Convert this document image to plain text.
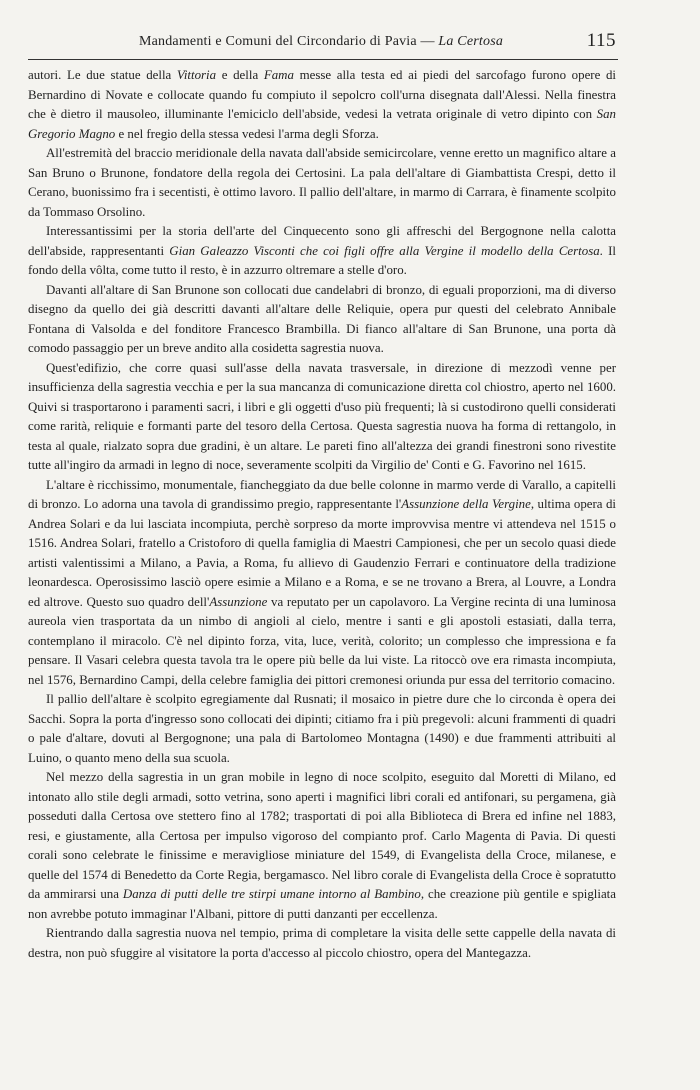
Mandamenti e Comuni del Circondario di Pavia — La Certosa	115

autori. Le due statue della Vittoria e della Fama messe alla testa ed ai piedi del sarcofago furono opere di Bernardino di Novate e collocate quando fu compiuto il sepolcro coll'urna disegnata dall'Alessi. Nella finestra che è dietro il mausoleo, illuminante l'emiciclo dell'abside, vedesi la vetrata originale di vetro dipinto con San Gregorio Magno e nel fregio della stessa vedesi l'arma degli Sforza.

All'estremità del braccio meridionale della navata dall'abside semicircolare, venne eretto un magnifico altare a San Bruno o Brunone, fondatore della regola dei Certosini. La pala dell'altare di Giambattista Crespi, detto il Cerano, buonissimo fra i secentisti, è ottimo lavoro. Il pallio dell'altare, in marmo di Carrara, è finamente scolpito da Tommaso Orsolino.

Interessantissimi per la storia dell'arte del Cinquecento sono gli affreschi del Bergognone nella calotta dell'abside, rappresentanti Gian Galeazzo Visconti che coi figli offre alla Vergine il modello della Certosa. Il fondo della vôlta, come tutto il resto, è in azzurro oltremare a stelle d'oro.

Davanti all'altare di San Brunone son collocati due candelabri di bronzo, di eguali proporzioni, ma di diverso disegno da quello dei già descritti davanti all'altare delle Reliquie, opera pur questi del celebrato Annibale Fontana di Valsolda e del fonditore Francesco Brambilla. Di fianco all'altare di San Brunone, una porta dà comodo passaggio per un breve andito alla cosidetta sagrestia nuova.

Quest'edifizio, che corre quasi sull'asse della navata trasversale, in direzione di mezzodì venne per insufficienza della sagrestia vecchia e per la sua mancanza di comunicazione diretta col chiostro, aperto nel 1600. Quivi si trasportarono i paramenti sacri, i libri e gli oggetti d'uso più frequenti; là si custodirono quelli considerati come rarità, reliquie e formanti parte del tesoro della Certosa. Questa sagrestia nuova ha forma di rettangolo, in testa al quale, rialzato sopra due gradini, è un altare. Le pareti fino all'altezza dei grandi finestroni sono rivestite tutte all'ingiro da armadi in legno di noce, severamente scolpiti da Virgilio de' Conti e G. Favorino nel 1615.

L'altare è ricchissimo, monumentale, fiancheggiato da due belle colonne in marmo verde di Varallo, a capitelli di bronzo. Lo adorna una tavola di grandissimo pregio, rappresentante l'Assunzione della Vergine, ultima opera di Andrea Solari e da lui lasciata incompiuta, perchè sorpreso da morte improvvisa mentre vi attendeva nel 1515 o 1516. Andrea Solari, fratello a Cristoforo di quella famiglia di Maestri Campionesi, che per un secolo quasi diede artisti valentissimi a Milano, a Pavia, a Roma, fu allievo di Gaudenzio Ferrari e continuatore della tradizione leonardesca. Operosissimo lasciò opere esimie a Milano e a Roma, e se ne trovano a Brera, al Louvre, a Londra ed altrove. Questo suo quadro dell'Assunzione va reputato per un capolavoro. La Vergine recinta di una luminosa aureola vien trasportata da un nimbo di angioli al cielo, mentre i santi e gli apostoli estasiati, dalla terra, contemplano il miracolo. C'è nel dipinto forza, vita, luce, verità, colorito; un complesso che impressiona e fa pensare. Il Vasari celebra questa tavola tra le opere più belle da lui viste. La ritoccò ove era rimasta incompiuta, nel 1576, Bernardino Campi, della celebre famiglia dei pittori cremonesi oriunda pur essa del territorio comacino.

Il pallio dell'altare è scolpito egregiamente dal Rusnati; il mosaico in pietre dure che lo circonda è opera dei Sacchi. Sopra la porta d'ingresso sono collocati dei dipinti; citiamo fra i più pregevoli: alcuni frammenti di quadri o pale d'altare, dovuti al Bergognone; una pala di Bartolomeo Montagna (1490) e due frammenti attribuiti al Luino, o quanto meno della sua scuola.

Nel mezzo della sagrestia in un gran mobile in legno di noce scolpito, eseguito dal Moretti di Milano, ed intonato allo stile degli armadi, sotto vetrina, sono aperti i magnifici libri corali ed antifonari, su pergamena, già posseduti dalla Certosa ove stettero fino al 1782; trasportati di poi alla Biblioteca di Brera ed infine nel 1883, resi, e giustamente, alla Certosa per impulso vigoroso del compianto prof. Carlo Magenta di Pavia. Di questi corali sono celebrate le finissime e meravigliose miniature del 1549, di Evangelista della Croce, milanese, e quelle del 1574 di Benedetto da Corte Regia, bergamasco. Nel libro corale di Evangelista della Croce è sopratutto da ammirarsi una Danza di putti delle tre stirpi umane intorno al Bambino, che creazione più gentile e spigliata non avrebbe potuto immaginar l'Albani, pittore di putti danzanti per eccellenza.

Rientrando dalla sagrestia nuova nel tempio, prima di completare la visita delle sette cappelle della navata di destra, non può sfuggire al visitatore la porta d'accesso al piccolo chiostro, opera del Mantegazza.
